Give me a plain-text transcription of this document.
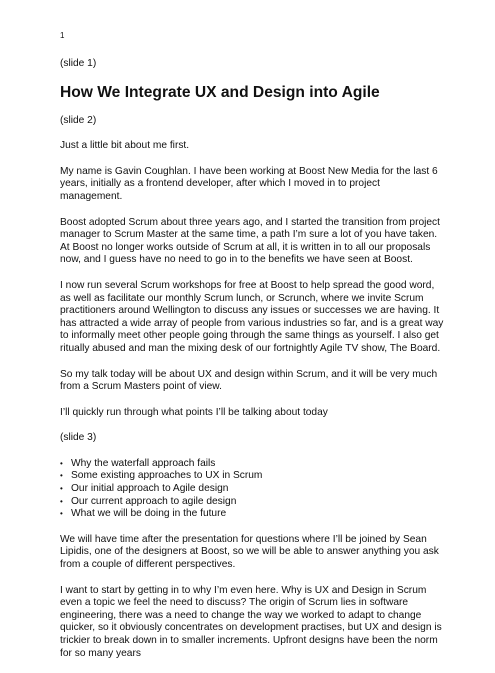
1

(slide 1)

How We Integrate UX and Design into Agile

(slide 2)

Just a little bit about me first.

My name is Gavin Coughlan. I have been working at Boost New Media for the last 6 years, initially as a frontend developer, after which I moved in to project management.

Boost adopted Scrum about three years ago, and I started the transition from project manager to Scrum Master at the same time, a path I’m sure a lot of you have taken. At Boost no longer works outside of Scrum at all, it is written in to all our proposals now, and I guess have no need to go in to the benefits we have seen at Boost.

I now run several Scrum workshops for free at Boost to help spread the good word, as well as facilitate our monthly Scrum lunch, or Scrunch, where we invite Scrum practitioners around Wellington to discuss any issues or successes we are having. It has attracted a wide array of people from various industries so far, and is a great way to informally meet other people going through the same things as yourself. I also get ritually abused and man the mixing desk of our fortnightly Agile TV show, The Board.

So my talk today will be about UX and design within Scrum, and it will be very much from a Scrum Masters point of view.

I’ll quickly run through what points I’ll be talking about today

(slide 3)

• Why the waterfall approach fails
• Some existing approaches to UX in Scrum
• Our initial approach to Agile design
• Our current approach to agile design
• What we will be doing in the future

We will have time after the presentation for questions where I’ll be joined by Sean Lipidis, one of the designers at Boost, so we will be able to answer anything you ask from a couple of different perspectives.

I want to start by getting in to why I’m even here. Why is UX and Design in Scrum even a topic we feel the need to discuss? The origin of Scrum lies in software engineering, there was a need to change the way we worked to adapt to change quicker, so it obviously concentrates on development practises, but UX and design is trickier to break down in to smaller increments. Upfront designs have been the norm for so many years
